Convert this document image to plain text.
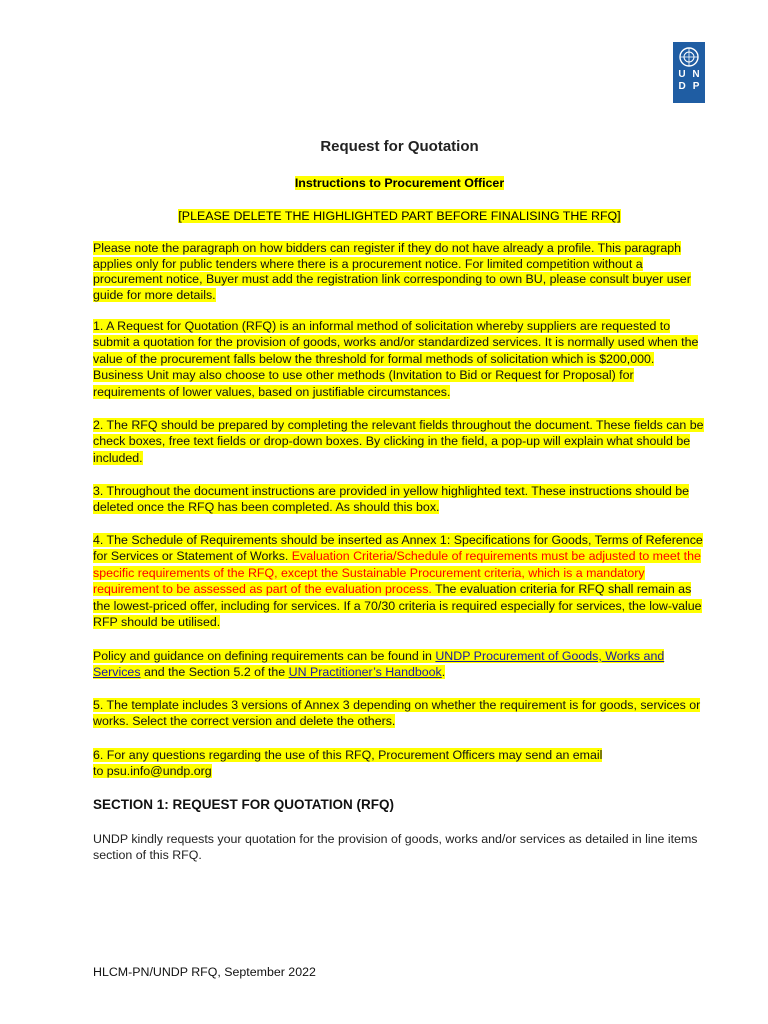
U N
D P
Request for Quotation
Instructions to Procurement Officer
[PLEASE DELETE THE HIGHLIGHTED PART BEFORE FINALISING THE RFQ]
Please note the paragraph on how bidders can register if they do not have already a profile. This paragraph applies only for public tenders where there is a procurement notice. For limited competition without a procurement notice, Buyer must add the registration link corresponding to own BU, please consult buyer user guide for more details.
1. A Request for Quotation (RFQ) is an informal method of solicitation whereby suppliers are requested to submit a quotation for the provision of goods, works and/or standardized services. It is normally used when the value of the procurement falls below the threshold for formal methods of solicitation which is $200,000. Business Unit may also choose to use other methods (Invitation to Bid or Request for Proposal) for requirements of lower values, based on justifiable circumstances.
2. The RFQ should be prepared by completing the relevant fields throughout the document. These fields can be check boxes, free text fields or drop-down boxes. By clicking in the field, a pop-up will explain what should be included.
3. Throughout the document instructions are provided in yellow highlighted text. These instructions should be deleted once the RFQ has been completed. As should this box.
4. The Schedule of Requirements should be inserted as Annex 1: Specifications for Goods, Terms of Reference for Services or Statement of Works. Evaluation Criteria/Schedule of requirements must be adjusted to meet the specific requirements of the RFQ, except the Sustainable Procurement criteria, which is a mandatory requirement to be assessed as part of the evaluation process. The evaluation criteria for RFQ shall remain as the lowest-priced offer, including for services. If a 70/30 criteria is required especially for services, the low-value RFP should be utilised.
Policy and guidance on defining requirements can be found in UNDP Procurement of Goods, Works and Services and the Section 5.2 of the UN Practitioner’s Handbook.
5. The template includes 3 versions of Annex 3 depending on whether the requirement is for goods, services or works. Select the correct version and delete the others.
6. For any questions regarding the use of this RFQ, Procurement Officers may send an email
to psu.info@undp.org
SECTION 1: REQUEST FOR QUOTATION (RFQ)
UNDP kindly requests your quotation for the provision of goods, works and/or services as detailed in line items section of this RFQ.
HLCM-PN/UNDP RFQ, September 2022
